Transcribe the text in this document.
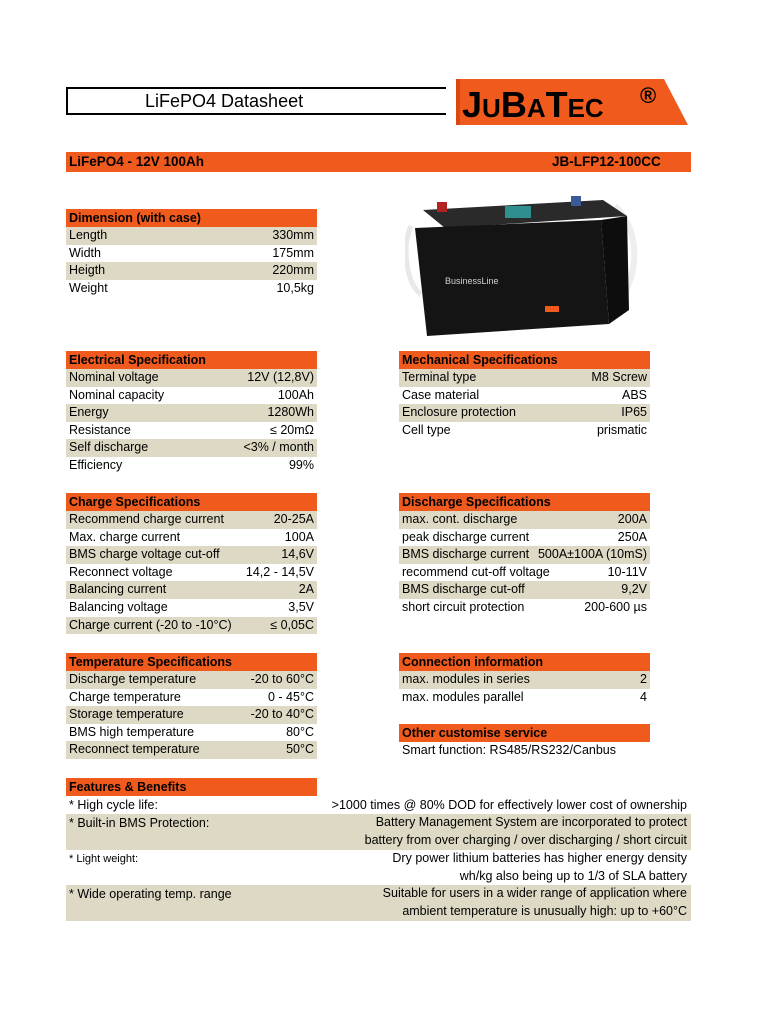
LiFePO4 Datasheet	JUBATEC ®
LiFePO4 - 12V 100Ah	JB-LFP12-100CC
Dimension (with case)
Length	330mm
Width	175mm
Heigth	220mm
Weight	10,5kg	BusinessLine
Electrical Specification
Nominal voltage	12V (12,8V)
Nominal capacity	100Ah
Energy	1280Wh
Resistance	≤ 20mΩ
Self discharge	<3% / month
Efficiency	99%
Mechanical Specifications
Terminal type	M8 Screw
Case material	ABS
Enclosure protection	IP65
Cell type	prismatic
Charge Specifications
Recommend charge current	20-25A
Max. charge current	100A
BMS charge voltage cut-off	14,6V
Reconnect voltage	14,2 - 14,5V
Balancing current	2A
Balancing voltage	3,5V
Charge current (-20 to -10°C)	≤ 0,05C
Discharge Specifications
max. cont. discharge	200A
peak discharge current	250A
BMS discharge current 500A±100A (10mS)
recommend cut-off voltage	10-11V
BMS discharge cut-off	9,2V
short circuit protection	200-600 µs
Temperature Specifications
Discharge temperature	-20 to 60°C
Charge temperature	0 - 45°C
Storage temperature	-20 to 40°C
BMS high temperature	80°C
Reconnect temperature	50°C
Connection information
max. modules in series	2
max. modules parallel	4
Other customise service
Smart function: RS485/RS232/Canbus
Features & Benefits
* High cycle life:	>1000 times @ 80% DOD for effectively lower cost of ownership
* Built-in BMS Protection:	Battery Management System are incorporated to protect
battery from over charging / over discharging / short circuit
* Light weight:	Dry power lithium batteries has higher energy density
wh/kg also being up to 1/3 of SLA battery
* Wide operating temp. range	Suitable for users in a wider range of application where
ambient temperature is unusually high: up to +60°C
